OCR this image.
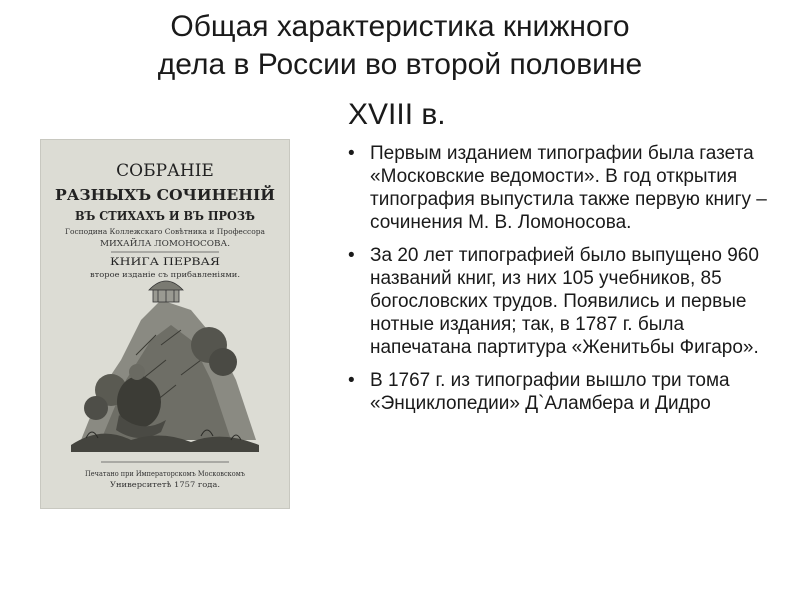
Общая характеристика книжного
дела в России во второй половине
XVIII в.
СОБРАНІЕ
РАЗНЫХЪ СОЧИНЕНІЙ
ВЪ СТИХАХЪ И ВЪ ПРОЗѢ
Господина Коллежскаго Совѣтника и Профессора
МИХАЙЛА ЛОМОНОСОВА.
КНИГА ПЕРВАЯ
второе изданіе съ прибавленіями.
Печатано при Императорскомъ Московскомъ
Университетѣ 1757 года.
• Первым изданием типографии была газета «Московские ведомости». В год открытия типография выпустила также первую книгу – сочинения М. В. Ломоносова.
• За 20 лет типографией было выпущено 960 названий книг, из них 105 учебников, 85 богословских трудов. Появились и первые нотные издания; так, в 1787 г. была напечатана партитура «Женитьбы Фигаро».
• В 1767 г. из типографии вышло три тома «Энциклопедии» Д`Аламбера и Дидро
